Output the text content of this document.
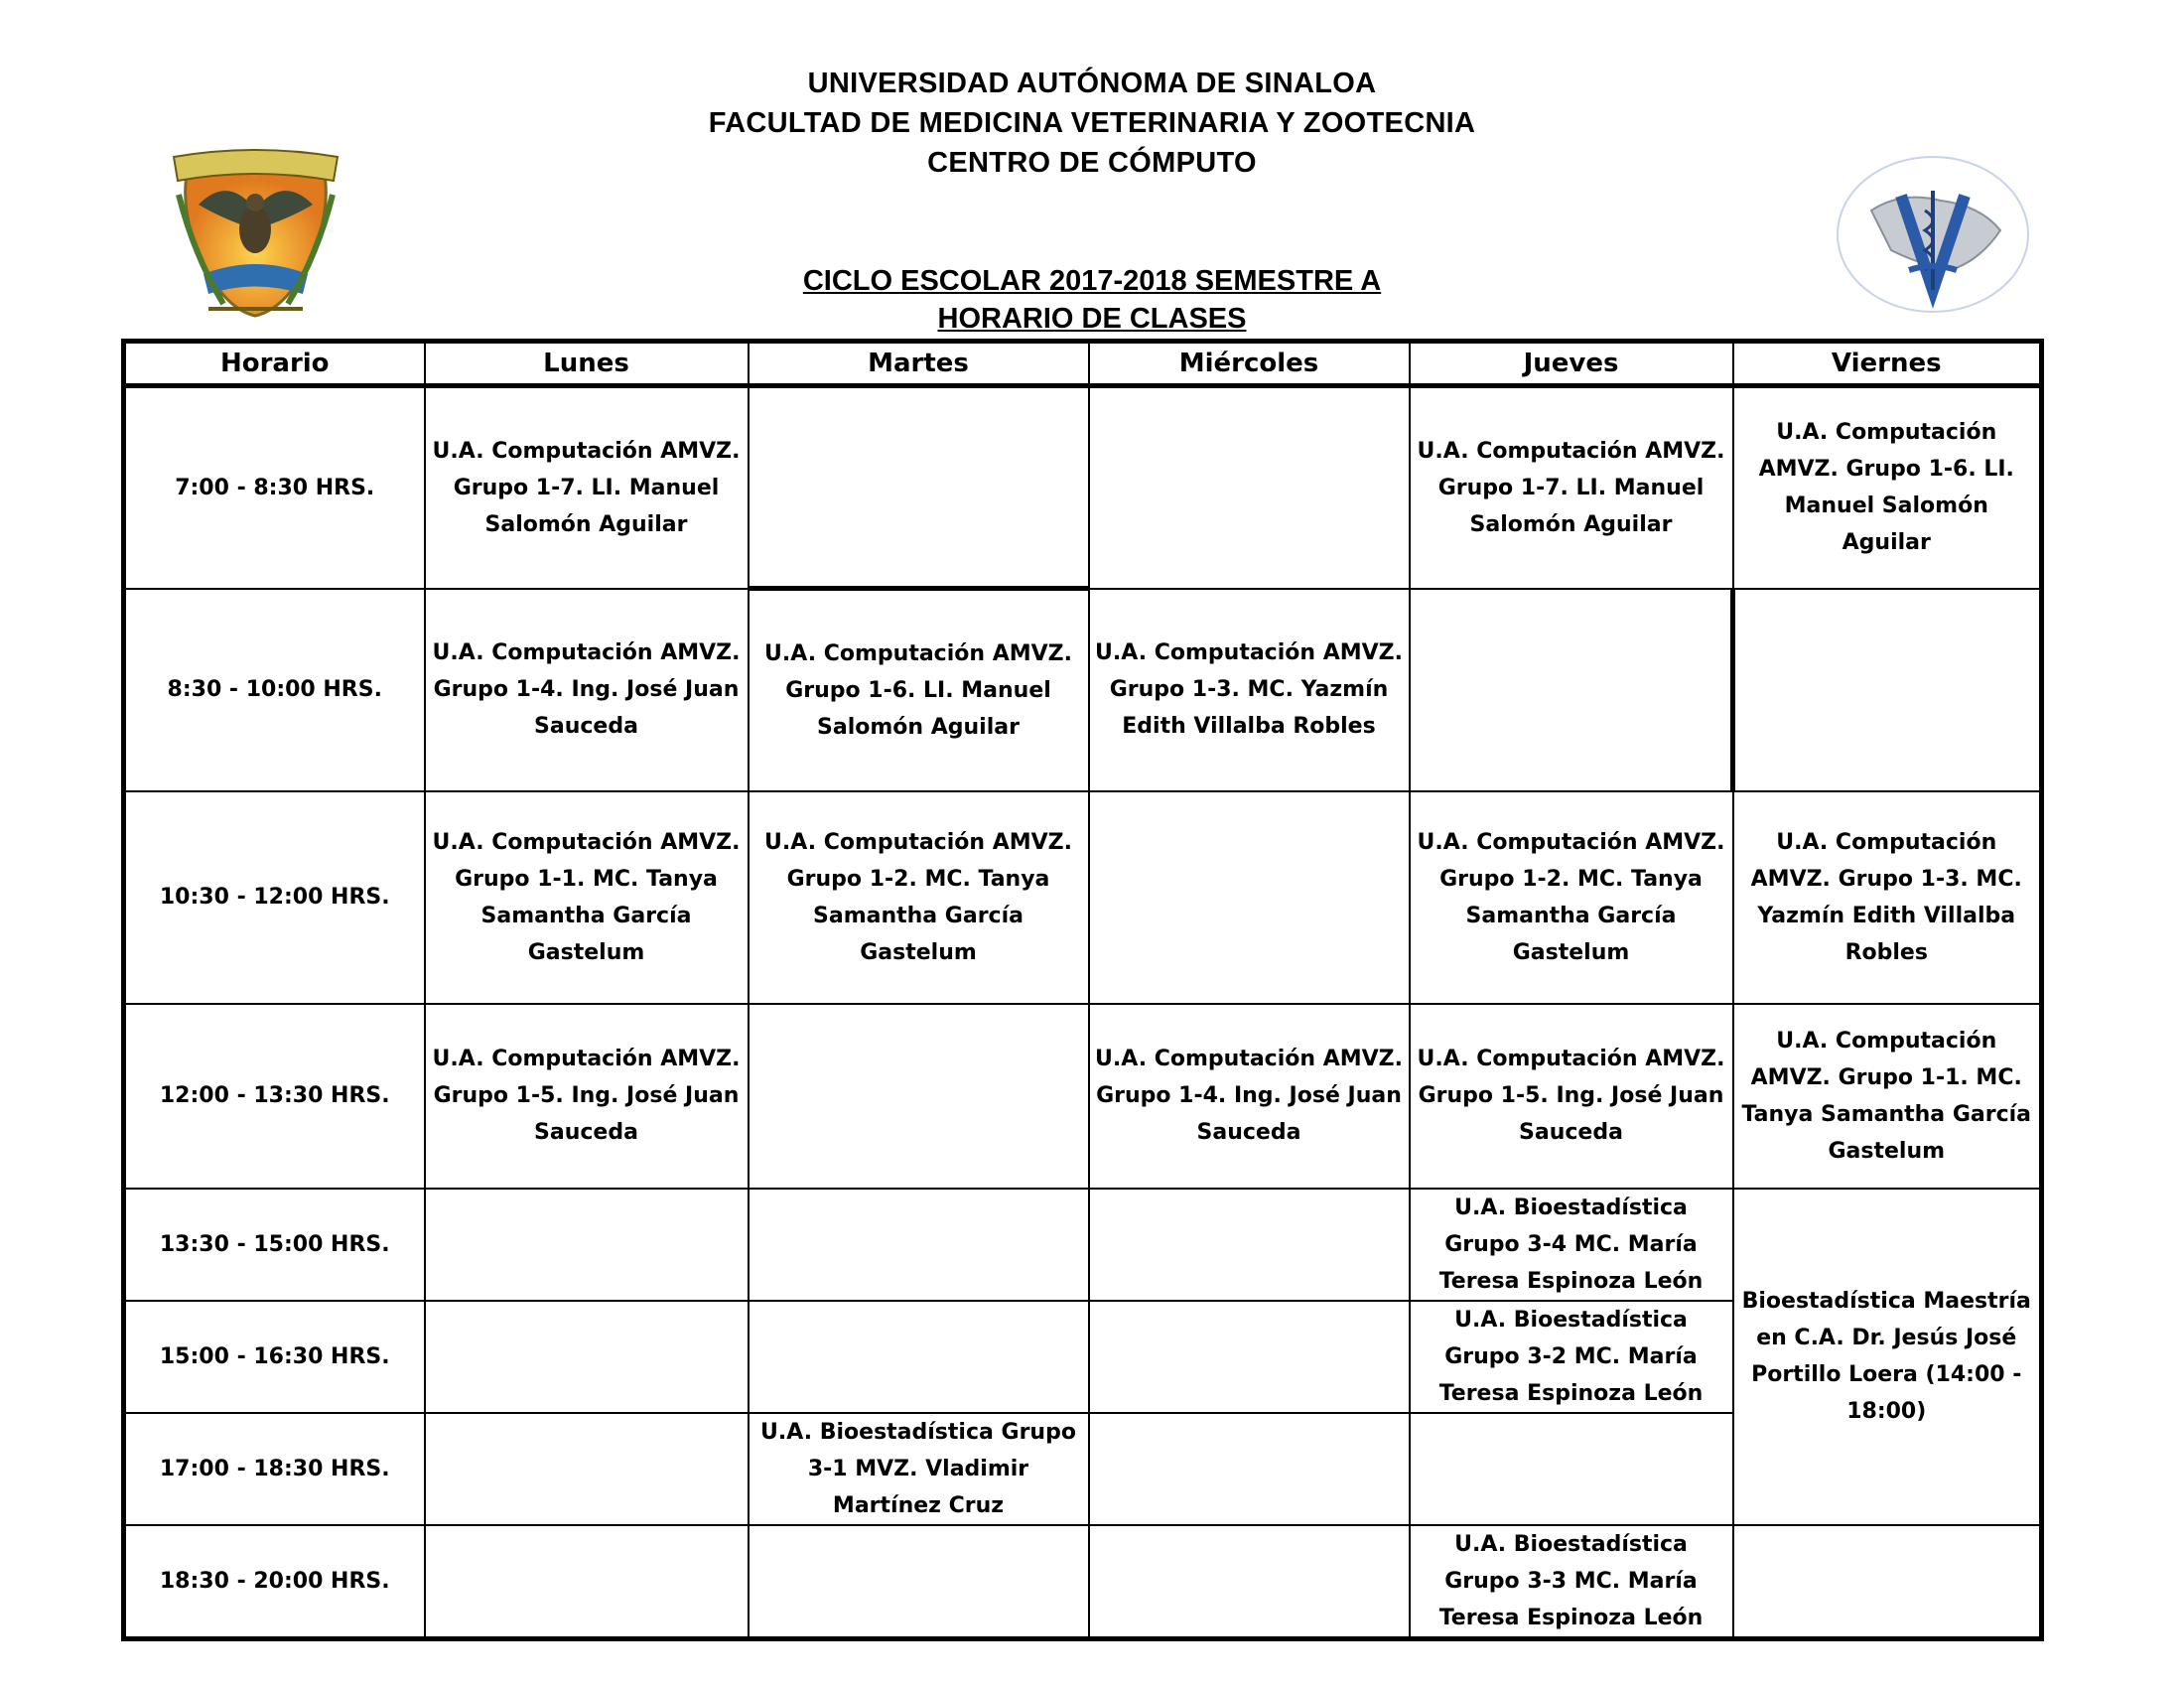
UNIVERSIDAD AUTÓNOMA DE SINALOA
FACULTAD DE MEDICINA VETERINARIA Y ZOOTECNIA
CENTRO DE CÓMPUTO
CICLO ESCOLAR 2017-2018 SEMESTRE A
HORARIO DE CLASES
Horario	Lunes	Martes	Miércoles	Jueves	Viernes
7:00 - 8:30 HRS.	U.A. Computación AMVZ. Grupo 1-7. LI. Manuel Salomón Aguilar			U.A. Computación AMVZ. Grupo 1-7. LI. Manuel Salomón Aguilar	U.A. Computación AMVZ. Grupo 1-6. LI. Manuel Salomón Aguilar
8:30 - 10:00 HRS.	U.A. Computación AMVZ. Grupo 1-4. Ing. José Juan Sauceda	U.A. Computación AMVZ. Grupo 1-6. LI. Manuel Salomón Aguilar	U.A. Computación AMVZ. Grupo 1-3. MC. Yazmín Edith Villalba Robles		
10:30 - 12:00 HRS.	U.A. Computación AMVZ. Grupo 1-1. MC. Tanya Samantha García Gastelum	U.A. Computación AMVZ. Grupo 1-2. MC. Tanya Samantha García Gastelum		U.A. Computación AMVZ. Grupo 1-2. MC. Tanya Samantha García Gastelum	U.A. Computación AMVZ. Grupo 1-3. MC. Yazmín Edith Villalba Robles
12:00 - 13:30 HRS.	U.A. Computación AMVZ. Grupo 1-5. Ing. José Juan Sauceda		U.A. Computación AMVZ. Grupo 1-4. Ing. José Juan Sauceda	U.A. Computación AMVZ. Grupo 1-5. Ing. José Juan Sauceda	U.A. Computación AMVZ. Grupo 1-1. MC. Tanya Samantha García Gastelum
13:30 - 15:00 HRS.				U.A. Bioestadística Grupo 3-4 MC. María Teresa Espinoza León	Bioestadística Maestría en C.A. Dr. Jesús José Portillo Loera (14:00 - 18:00)
15:00 - 16:30 HRS.				U.A. Bioestadística Grupo 3-2 MC. María Teresa Espinoza León	
17:00 - 18:30 HRS.		U.A. Bioestadística Grupo 3-1 MVZ. Vladimir Martínez Cruz			
18:30 - 20:00 HRS.				U.A. Bioestadística Grupo 3-3 MC. María Teresa Espinoza León	
